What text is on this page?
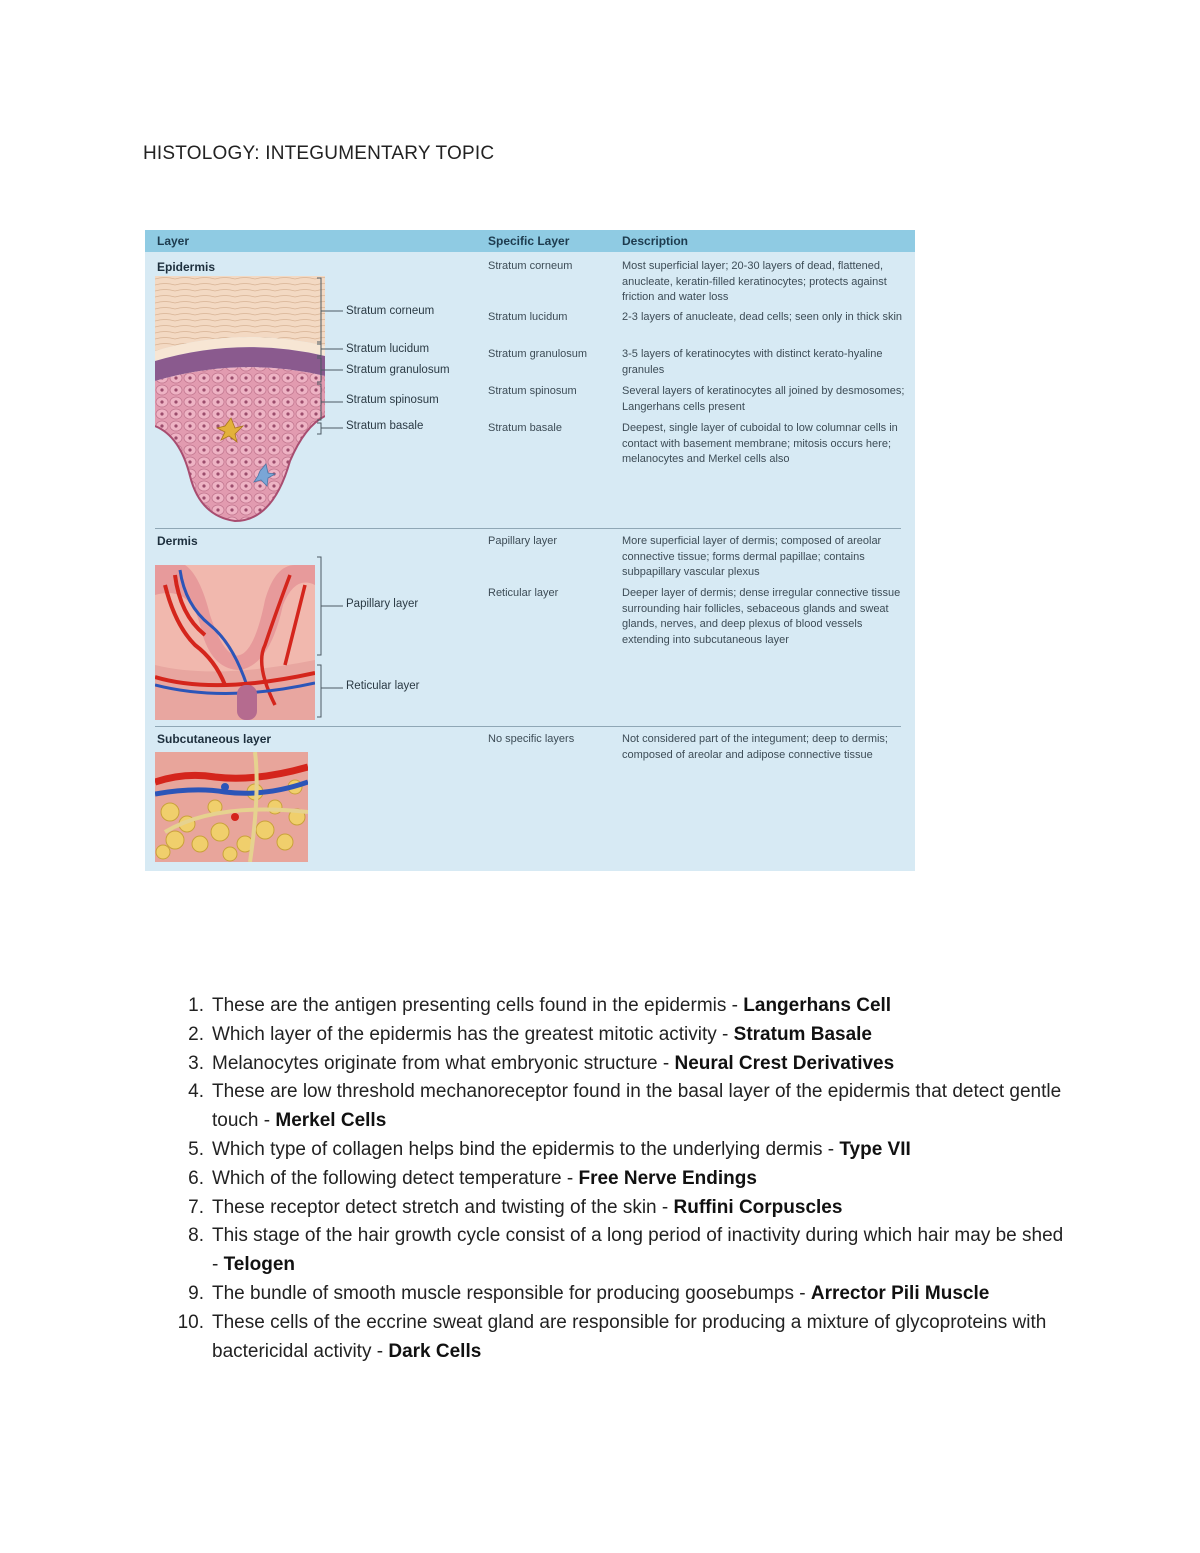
HISTOLOGY: INTEGUMENTARY TOPIC
Layer	Specific Layer	Description
Epidermis
Stratum corneum
Stratum lucidum
Stratum granulosum
Stratum spinosum
Stratum basale
Stratum corneum	Most superficial layer; 20-30 layers of dead, flattened, anucleate, keratin-filled keratinocytes; protects against friction and water loss
Stratum lucidum	2-3 layers of anucleate, dead cells; seen only in thick skin
Stratum granulosum	3-5 layers of keratinocytes with distinct kerato-hyaline granules
Stratum spinosum	Several layers of keratinocytes all joined by desmosomes; Langerhans cells present
Stratum basale	Deepest, single layer of cuboidal to low columnar cells in contact with basement membrane; mitosis occurs here; melanocytes and Merkel cells also
Dermis
Papillary layer
Reticular layer
Papillary layer	More superficial layer of dermis; composed of areolar connective tissue; forms dermal papillae; contains subpapillary vascular plexus
Reticular layer	Deeper layer of dermis; dense irregular connective tissue surrounding hair follicles, sebaceous glands and sweat glands, nerves, and deep plexus of blood vessels extending into subcutaneous layer
Subcutaneous layer	No specific layers	Not considered part of the integument; deep to dermis; composed of areolar and adipose connective tissue
1. These are the antigen presenting cells found in the epidermis - Langerhans Cell
2. Which layer of the epidermis has the greatest mitotic activity - Stratum Basale
3. Melanocytes originate from what embryonic structure - Neural Crest Derivatives
4. These are low threshold mechanoreceptor found in the basal layer of the epidermis that detect gentle touch - Merkel Cells
5. Which type of collagen helps bind the epidermis to the underlying dermis - Type VII
6. Which of the following detect temperature - Free Nerve Endings
7. These receptor detect stretch and twisting of the skin - Ruffini Corpuscles
8. This stage of the hair growth cycle consist of a long period of inactivity during which hair may be shed - Telogen
9. The bundle of smooth muscle responsible for producing goosebumps - Arrector Pili Muscle
10. These cells of the eccrine sweat gland are responsible for producing a mixture of glycoproteins with bactericidal activity - Dark Cells
